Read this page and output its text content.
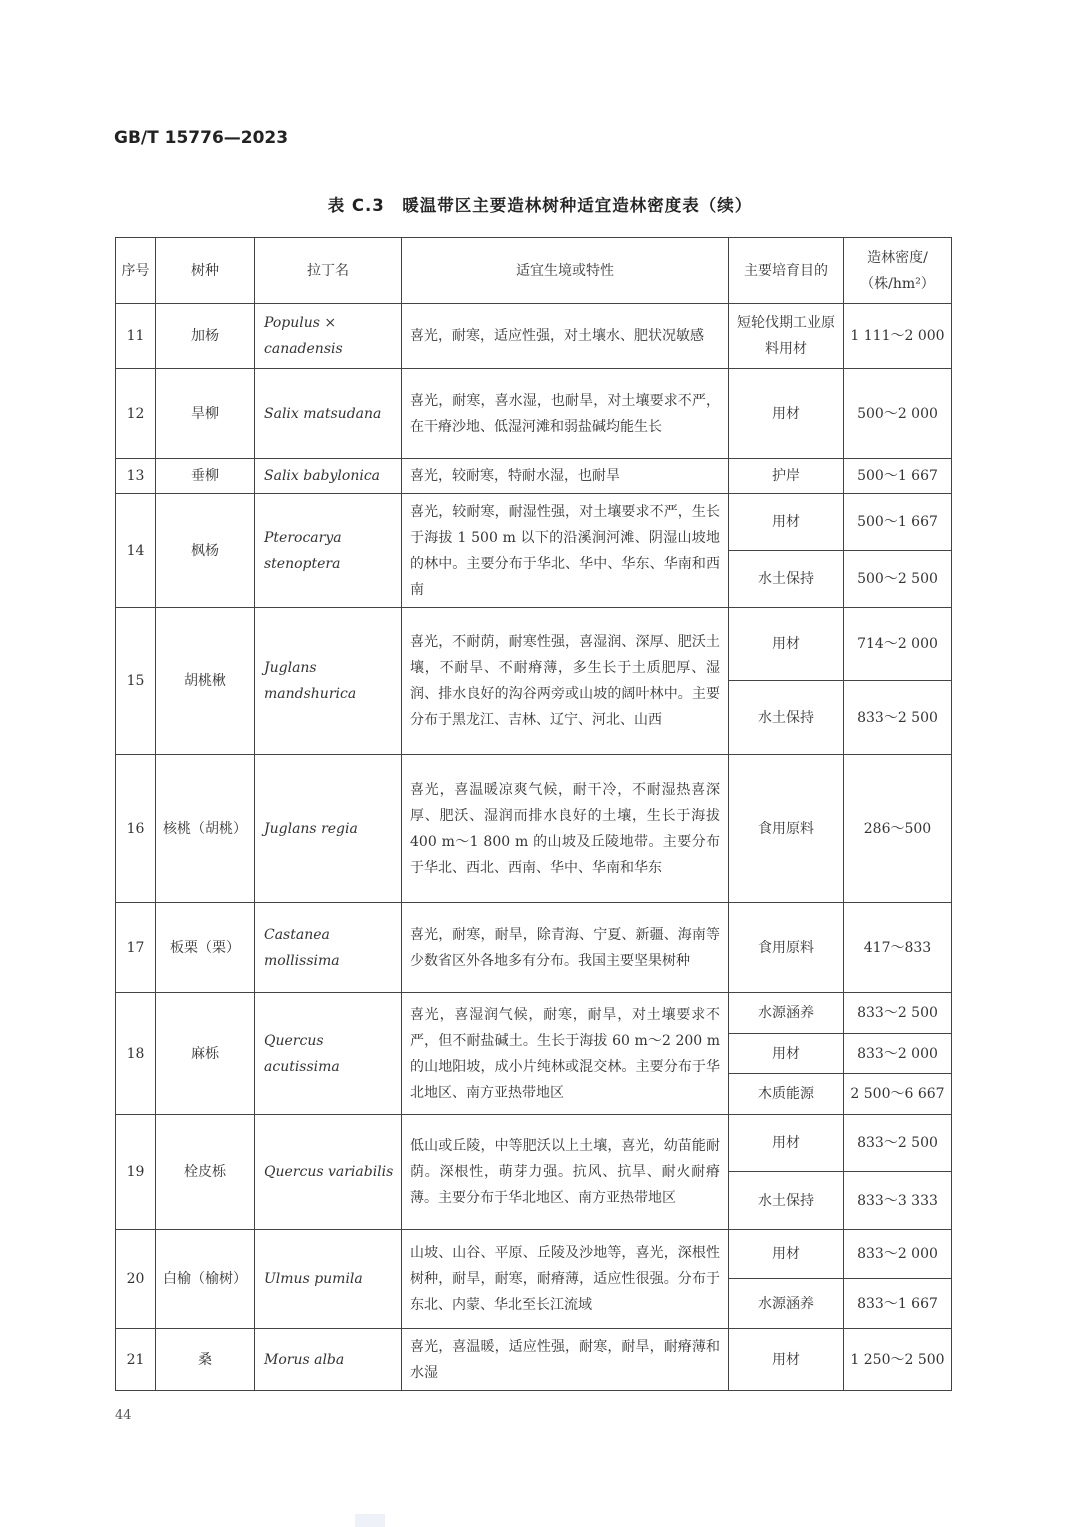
GB/T 15776—2023
表 C.3　暖温带区主要造林树种适宜造林密度表（续）
序号	树种	拉丁名	适宜生境或特性	主要培育目的	造林密度/
（株/hm²）

11	加杨	Populus × canadensis	喜光，耐寒，适应性强，对土壤水、肥状况敏感	短轮伐期工业原料用材	1 111～2 000
12	旱柳	Salix matsudana	喜光，耐寒，喜水湿，也耐旱，对土壤要求不严，在干瘠沙地、低湿河滩和弱盐碱均能生长	用材	500～2 000
13	垂柳	Salix babylonica	喜光，较耐寒，特耐水湿，也耐旱	护岸	500～1 667
14	枫杨	Pterocarya stenoptera	喜光，较耐寒，耐湿性强，对土壤要求不严，生长于海拔 1 500 m 以下的沿溪涧河滩、阴湿山坡地的林中。主要分布于华北、华中、华东、华南和西南	用材	500～1 667
				水土保持	500～2 500
15	胡桃楸	Juglans mandshurica	喜光，不耐荫，耐寒性强，喜湿润、深厚、肥沃土壤，不耐旱、不耐瘠薄，多生长于土质肥厚、湿润、排水良好的沟谷两旁或山坡的阔叶林中。主要分布于黑龙江、吉林、辽宁、河北、山西	用材	714～2 000
				水土保持	833～2 500
16	核桃（胡桃）	Juglans regia	喜光，喜温暖凉爽气候，耐干冷，不耐湿热喜深厚、肥沃、湿润而排水良好的土壤，生长于海拔 400 m～1 800 m 的山坡及丘陵地带。主要分布于华北、西北、西南、华中、华南和华东	食用原料	286～500
17	板栗（栗）	Castanea mollissima	喜光，耐寒，耐旱，除青海、宁夏、新疆、海南等少数省区外各地多有分布。我国主要坚果树种	食用原料	417～833
18	麻栎	Quercus acutissima	喜光，喜湿润气候，耐寒，耐旱，对土壤要求不严，但不耐盐碱土。生长于海拔 60 m～2 200 m 的山地阳坡，成小片纯林或混交林。主要分布于华北地区、南方亚热带地区	水源涵养	833～2 500
				用材	833～2 000
				木质能源	2 500～6 667
19	栓皮栎	Quercus variabilis	低山或丘陵，中等肥沃以上土壤，喜光，幼苗能耐荫。深根性，萌芽力强。抗风、抗旱、耐火耐瘠薄。主要分布于华北地区、南方亚热带地区	用材	833～2 500
				水土保持	833～3 333
20	白榆（榆树）	Ulmus pumila	山坡、山谷、平原、丘陵及沙地等，喜光，深根性树种，耐旱，耐寒，耐瘠薄，适应性很强。分布于东北、内蒙、华北至长江流域	用材	833～2 000
				水源涵养	833～1 667
21	桑	Morus alba	喜光，喜温暖，适应性强，耐寒，耐旱，耐瘠薄和水湿	用材	1 250～2 500
44
